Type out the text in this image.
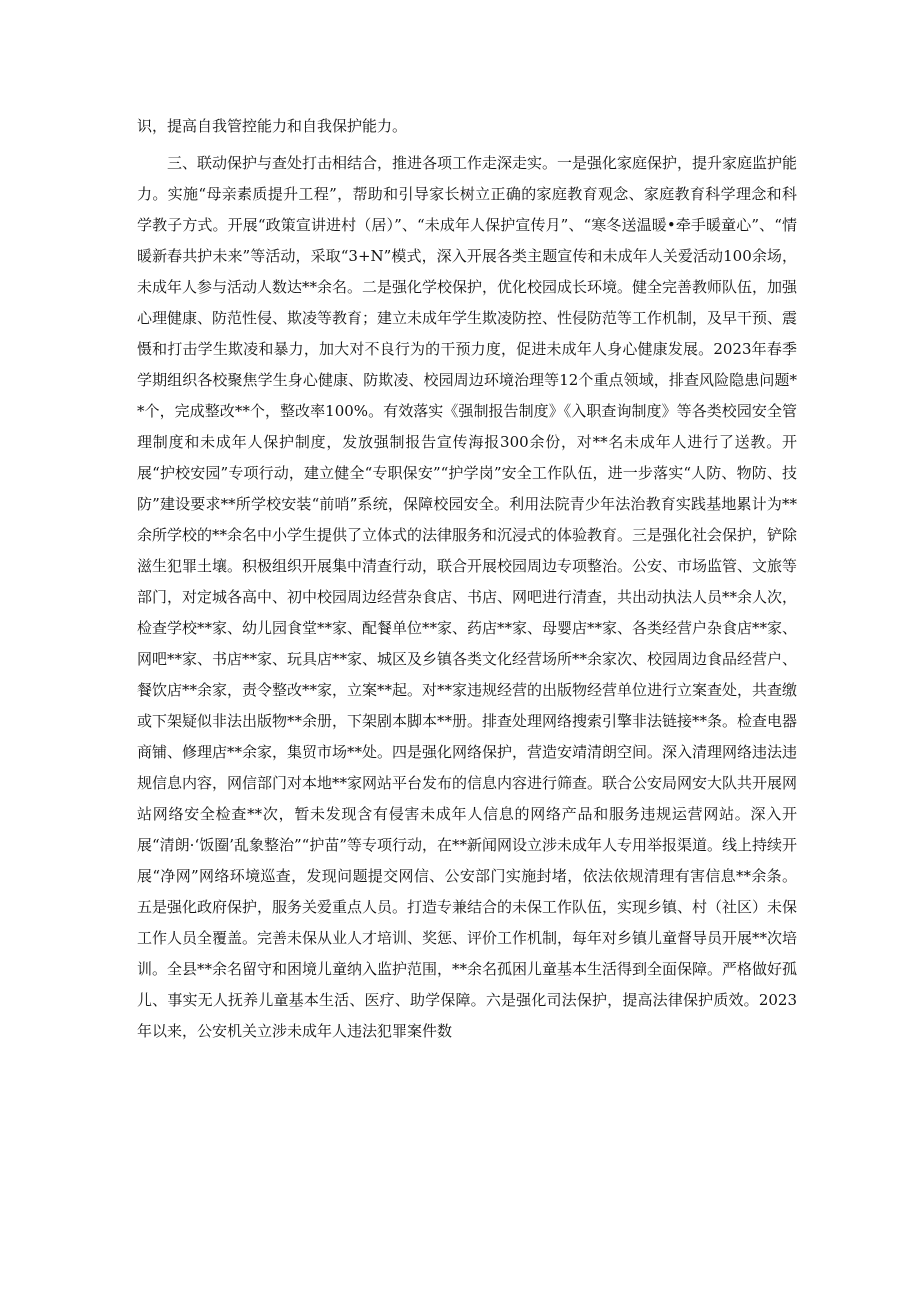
识，提高自我管控能力和自我保护能力。

三、联动保护与查处打击相结合，推进各项工作走深走实。一是强化家庭保护，提升家庭监护能力。实施“母亲素质提升工程”，帮助和引导家长树立正确的家庭教育观念、家庭教育科学理念和科学教子方式。开展“政策宣讲进村（居）”、“未成年人保护宣传月”、“寒冬送温暖•牵手暖童心”、“情暖新春共护未来”等活动，采取“3+N”模式，深入开展各类主题宣传和未成年人关爱活动100余场，未成年人参与活动人数达**余名。二是强化学校保护，优化校园成长环境。健全完善教师队伍，加强心理健康、防范性侵、欺凌等教育；建立未成年学生欺凌防控、性侵防范等工作机制，及早干预、震慑和打击学生欺凌和暴力，加大对不良行为的干预力度，促进未成年人身心健康发展。2023年春季学期组织各校聚焦学生身心健康、防欺凌、校园周边环境治理等12个重点领域，排查风险隐患问题**个，完成整改**个，整改率100%。有效落实《强制报告制度》《入职查询制度》等各类校园安全管理制度和未成年人保护制度，发放强制报告宣传海报300余份，对**名未成年人进行了送教。开展“护校安园”专项行动，建立健全“专职保安”“护学岗”安全工作队伍，进一步落实“人防、物防、技防”建设要求**所学校安装“前哨”系统，保障校园安全。利用法院青少年法治教育实践基地累计为**余所学校的**余名中小学生提供了立体式的法律服务和沉浸式的体验教育。三是强化社会保护，铲除滋生犯罪土壤。积极组织开展集中清查行动，联合开展校园周边专项整治。公安、市场监管、文旅等部门，对定城各高中、初中校园周边经营杂食店、书店、网吧进行清查，共出动执法人员**余人次，检查学校**家、幼儿园食堂**家、配餐单位**家、药店**家、母婴店**家、各类经营户杂食店**家、网吧**家、书店**家、玩具店**家、城区及乡镇各类文化经营场所**余家次、校园周边食品经营户、餐饮店**余家，责令整改**家，立案**起。对**家违规经营的出版物经营单位进行立案查处，共查缴或下架疑似非法出版物**余册，下架剧本脚本**册。排查处理网络搜索引擎非法链接**条。检查电器商铺、修理店**余家，集贸市场**处。四是强化网络保护，营造安靖清朗空间。深入清理网络违法违规信息内容，网信部门对本地**家网站平台发布的信息内容进行筛查。联合公安局网安大队共开展网站网络安全检查**次，暂未发现含有侵害未成年人信息的网络产品和服务违规运营网站。深入开展“清朗·‘饭圈’乱象整治”“护苗”等专项行动，在**新闻网设立涉未成年人专用举报渠道。线上持续开展“净网”网络环境巡查，发现问题提交网信、公安部门实施封堵，依法依规清理有害信息**余条。五是强化政府保护，服务关爱重点人员。打造专兼结合的未保工作队伍，实现乡镇、村（社区）未保工作人员全覆盖。完善未保从业人才培训、奖惩、评价工作机制，每年对乡镇儿童督导员开展**次培训。全县**余名留守和困境儿童纳入监护范围，**余名孤困儿童基本生活得到全面保障。严格做好孤儿、事实无人抚养儿童基本生活、医疗、助学保障。六是强化司法保护，提高法律保护质效。2023年以来，公安机关立涉未成年人违法犯罪案件数
